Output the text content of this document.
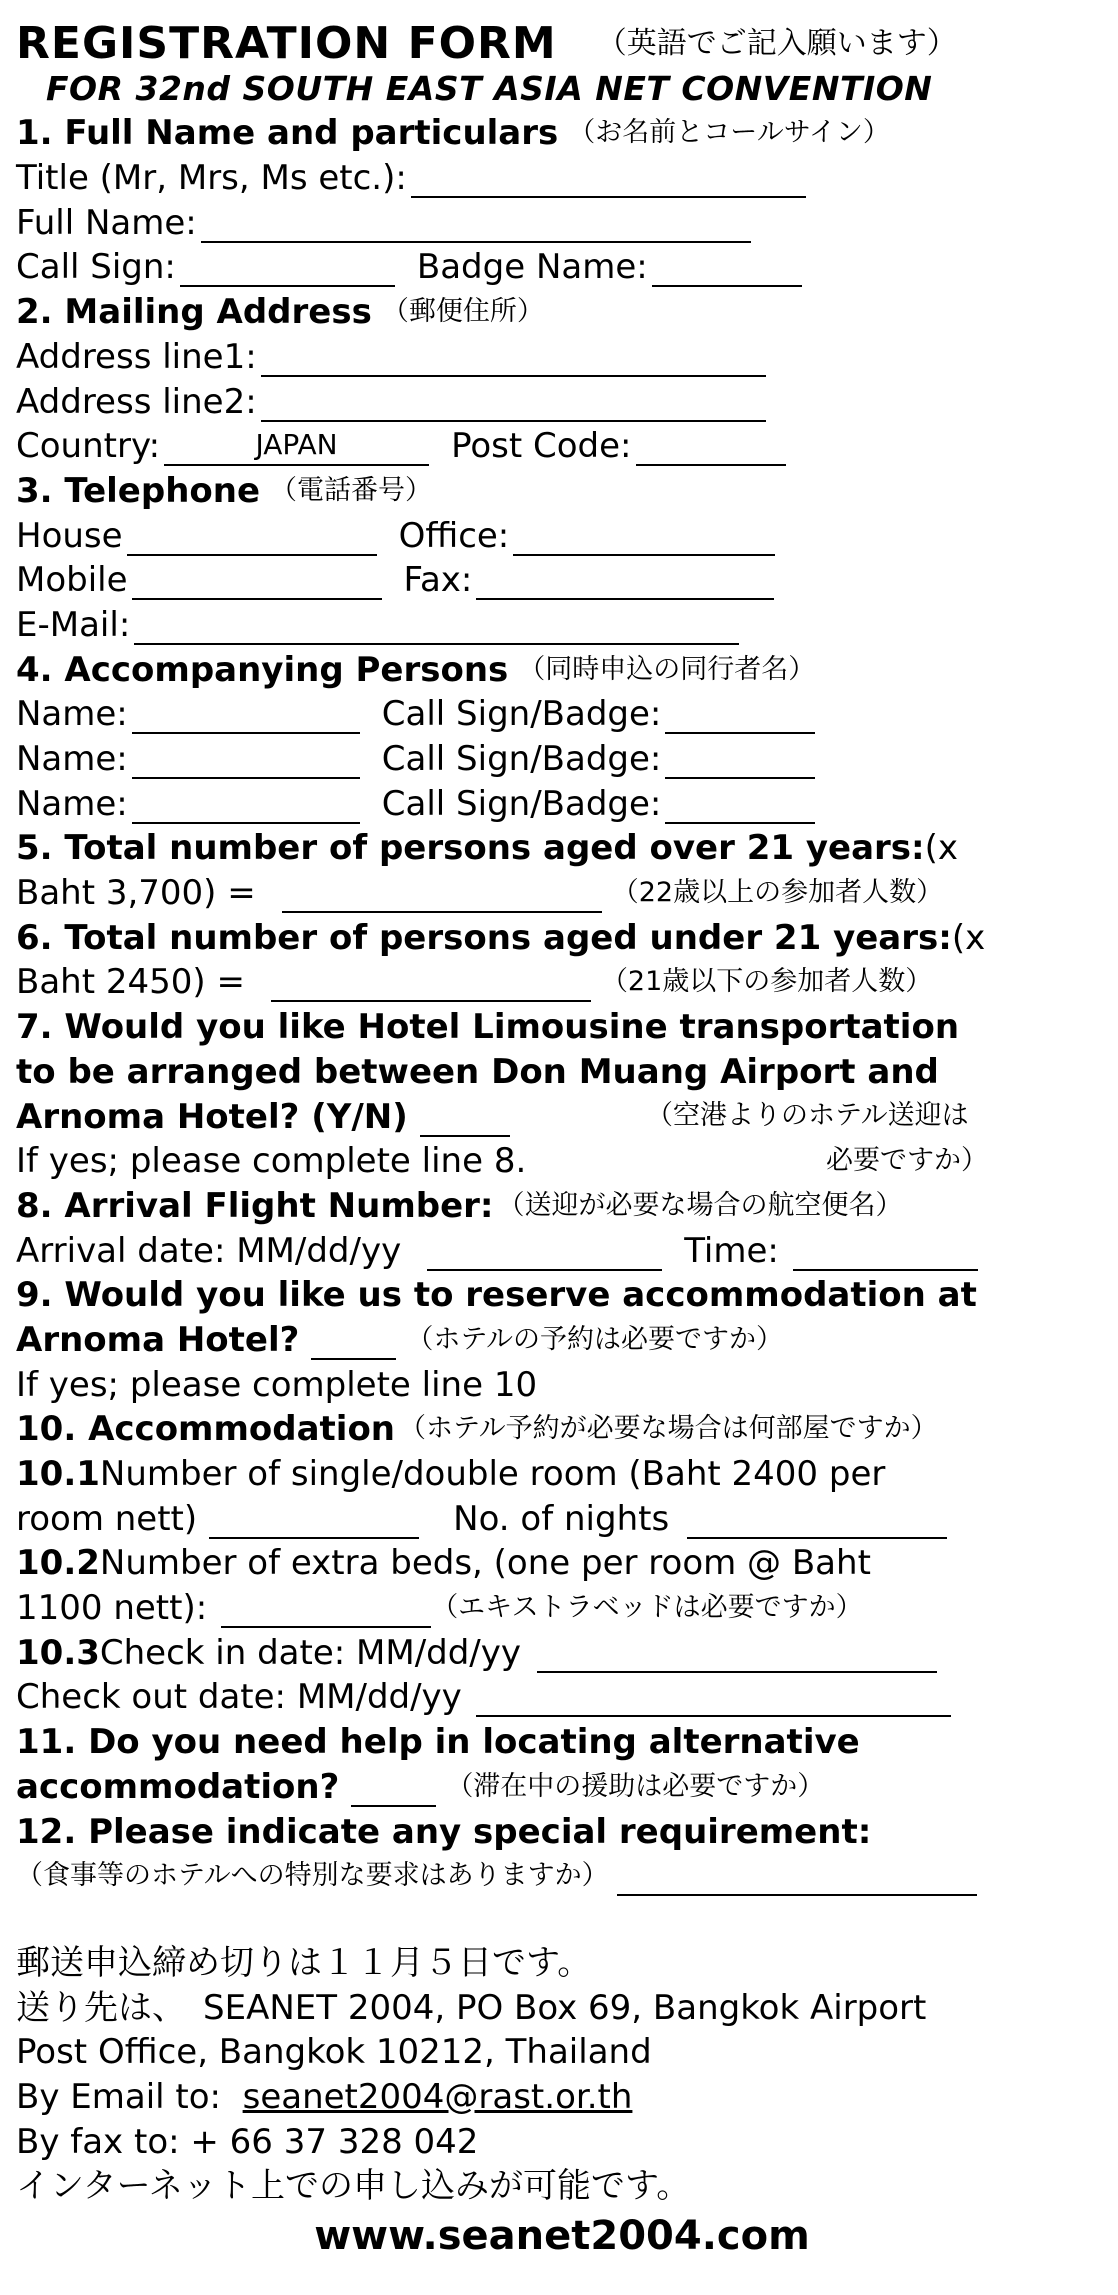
REGISTRATION FORM （英語でご記入願います）
FOR 32nd SOUTH EAST ASIA NET CONVENTION
1. Full Name and particulars （お名前とコールサイン）
Title (Mr, Mrs, Ms etc.):
Full Name:
Call Sign:	Badge Name:
2. Mailing Address （郵便住所）
Address line1:
Address line2:
Country:	JAPAN	Post Code:
3. Telephone （電話番号）
House	Office:
Mobile	Fax:
E-Mail:
4. Accompanying Persons （同時申込の同行者名）
Name:	Call Sign/Badge:
Name:	Call Sign/Badge:
Name:	Call Sign/Badge:
5. Total number of persons aged over 21 years: (x
Baht 3,700) =	（22歳以上の参加者人数）
6. Total number of persons aged under 21 years: (x
Baht 2450) =	（21歳以下の参加者人数）
7. Would you like Hotel Limousine transportation
to be arranged between Don Muang Airport and
Arnoma Hotel? (Y/N)	（空港よりのホテル送迎は
If yes; please complete line 8.	必要ですか）
8. Arrival Flight Number: （送迎が必要な場合の航空便名）
Arrival date: MM/dd/yy	Time:
9. Would you like us to reserve accommodation at
Arnoma Hotel?	（ホテルの予約は必要ですか）
If yes; please complete line 10
10. Accommodation （ホテル予約が必要な場合は何部屋ですか）
10.1 Number of single/double room (Baht 2400 per
room nett)	No. of nights
10.2 Number of extra beds, (one per room @ Baht
1100 nett):	（エキストラベッドは必要ですか）
10.3 Check in date: MM/dd/yy
Check out date: MM/dd/yy
11. Do you need help in locating alternative
accommodation?	（滞在中の援助は必要ですか）
12. Please indicate any special requirement:
（食事等のホテルへの特別な要求はありますか）
郵送申込締め切りは１１月５日です。
送り先は、　SEANET 2004, PO Box 69, Bangkok Airport
Post Office, Bangkok 10212, Thailand
By Email to: seanet2004@rast.or.th
By fax to: + 66 37 328 042
インターネット上での申し込みが可能です。
www.seanet2004.com
